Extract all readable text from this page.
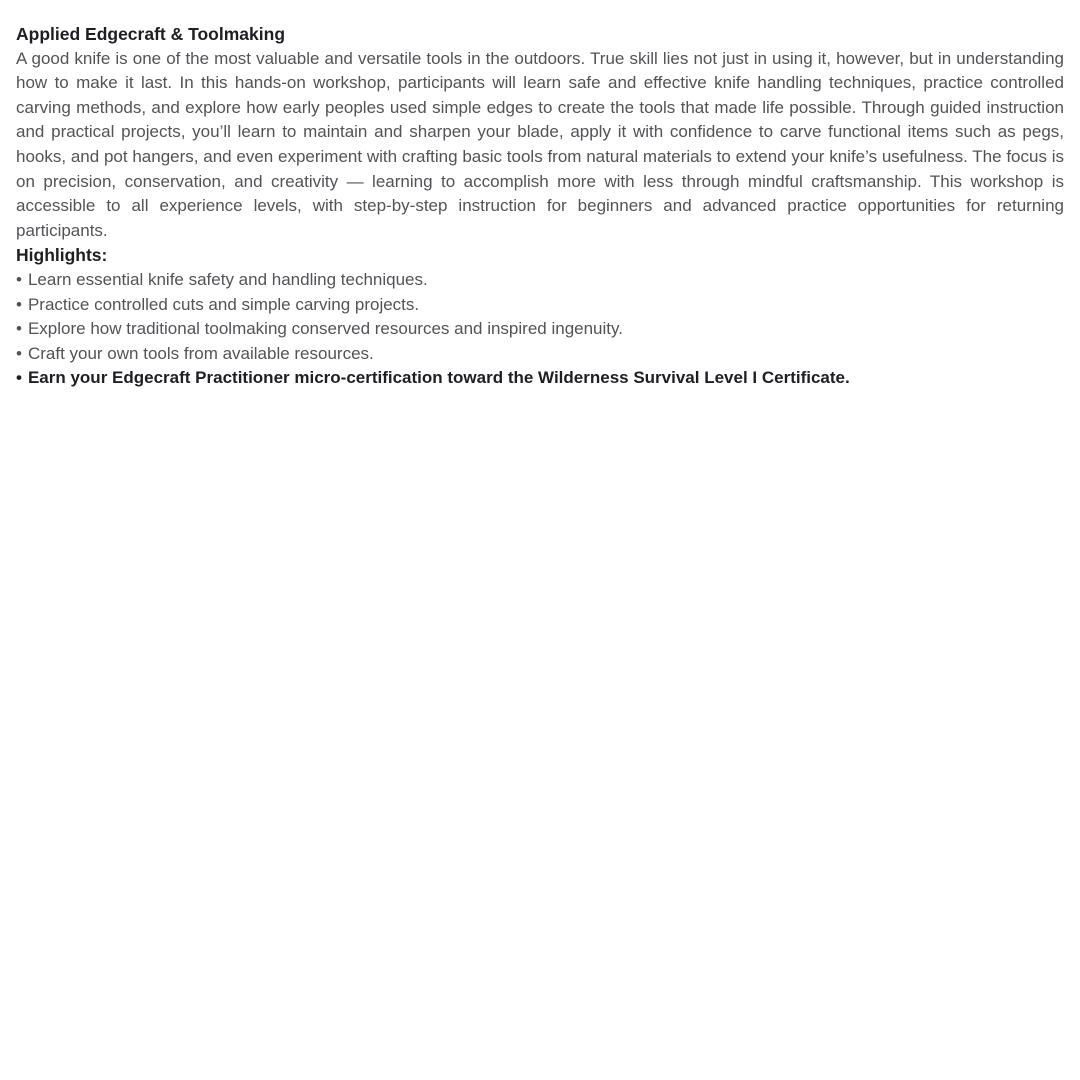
Applied Edgecraft & Toolmaking

A good knife is one of the most valuable and versatile tools in the outdoors. True skill lies not just in using it, however, but in understanding how to make it last. In this hands-on workshop, participants will learn safe and effective knife handling techniques, practice controlled carving methods, and explore how early peoples used simple edges to create the tools that made life possible. Through guided instruction and practical projects, you’ll learn to maintain and sharpen your blade, apply it with confidence to carve functional items such as pegs, hooks, and pot hangers, and even experiment with crafting basic tools from natural materials to extend your knife’s usefulness. The focus is on precision, conservation, and creativity — learning to accomplish more with less through mindful craftsmanship. This workshop is accessible to all experience levels, with step-by-step instruction for beginners and advanced practice opportunities for returning participants.

Highlights:
• Learn essential knife safety and handling techniques.
• Practice controlled cuts and simple carving projects.
• Explore how traditional toolmaking conserved resources and inspired ingenuity.
• Craft your own tools from available resources.
• Earn your Edgecraft Practitioner micro-certification toward the Wilderness Survival Level I Certificate.
